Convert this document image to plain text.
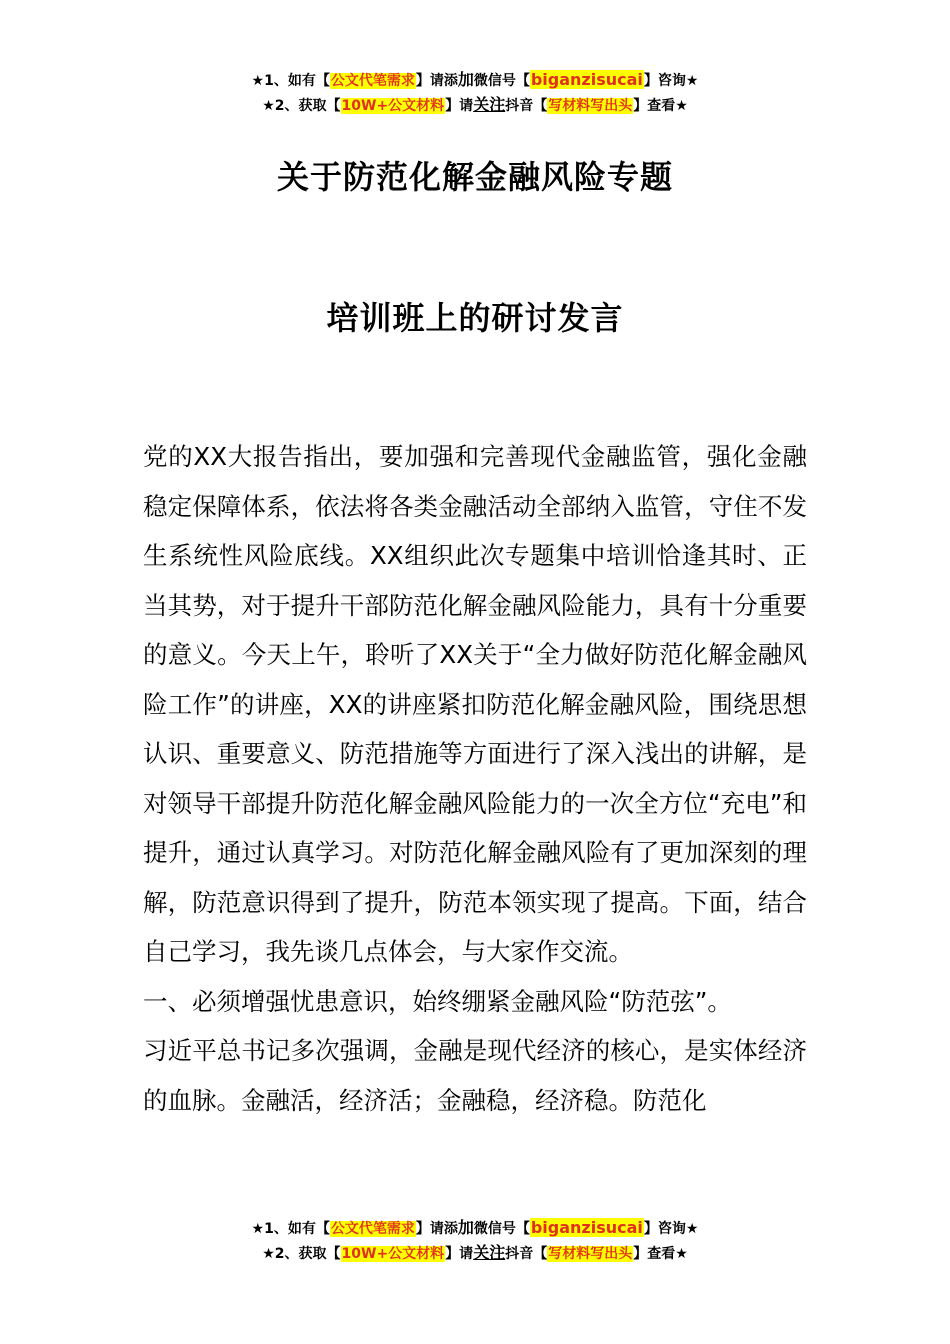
★1、如有【公文代笔需求】请添加微信号【biganzisucai】咨询★
★2、获取【10W+公文材料】请关注抖音【写材料写出头】查看★
关于防范化解金融风险专题
培训班上的研讨发言

党的XX大报告指出，要加强和完善现代金融监管，强化金融稳定保障体系，依法将各类金融活动全部纳入监管，守住不发生系统性风险底线。XX组织此次专题集中培训恰逢其时、正当其势，对于提升干部防范化解金融风险能力，具有十分重要的意义。今天上午，聆听了XX关于“全力做好防范化解金融风险工作”的讲座，XX的讲座紧扣防范化解金融风险，围绕思想认识、重要意义、防范措施等方面进行了深入浅出的讲解，是对领导干部提升防范化解金融风险能力的一次全方位“充电”和提升，通过认真学习。对防范化解金融风险有了更加深刻的理解，防范意识得到了提升，防范本领实现了提高。下面，结合自己学习，我先谈几点体会，与大家作交流。

一、必须增强忧患意识，始终绷紧金融风险“防范弦”。

习近平总书记多次强调，金融是现代经济的核心，是实体经济的血脉。金融活，经济活；金融稳，经济稳。防范化

★1、如有【公文代笔需求】请添加微信号【biganzisucai】咨询★
★2、获取【10W+公文材料】请关注抖音【写材料写出头】查看★
